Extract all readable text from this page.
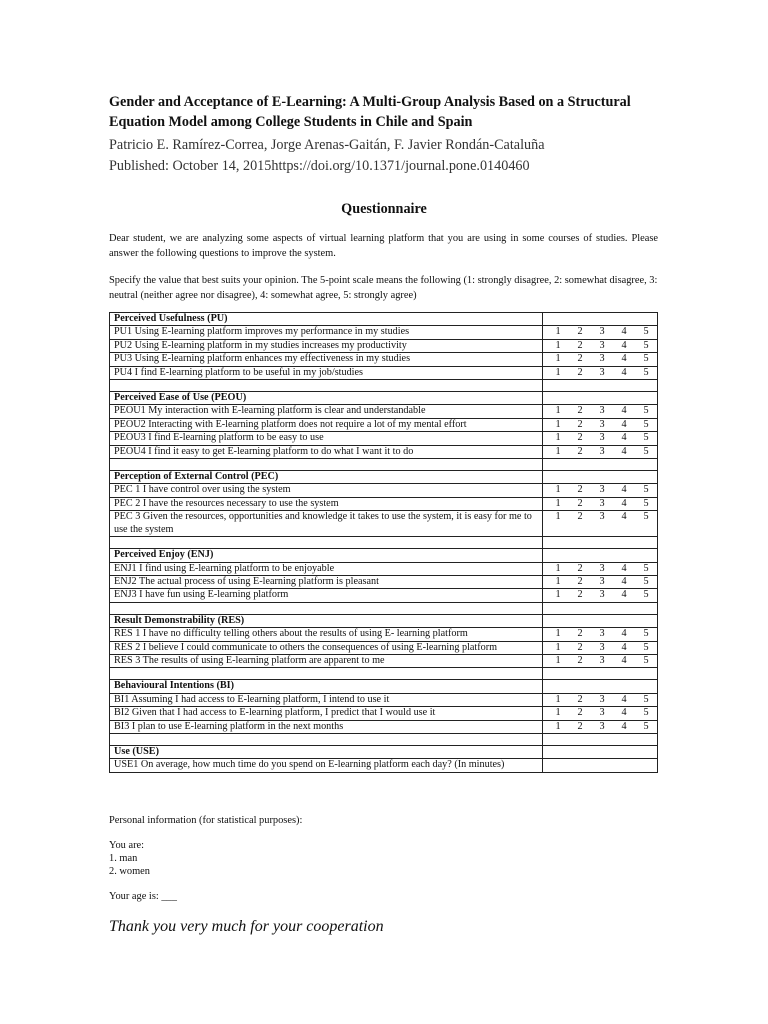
Gender and Acceptance of E-Learning: A Multi-Group Analysis Based on a Structural Equation Model among College Students in Chile and Spain
Patricio E. Ramírez-Correa, Jorge Arenas-Gaitán, F. Javier Rondán-Cataluña
Published: October 14, 2015https://doi.org/10.1371/journal.pone.0140460
Questionnaire
Dear student, we are analyzing some aspects of virtual learning platform that you are using in some courses of studies. Please answer the following questions to improve the system.
Specify the value that best suits your opinion. The 5-point scale means the following (1: strongly disagree, 2: somewhat disagree, 3: neutral (neither agree nor disagree), 4: somewhat agree, 5: strongly agree)
Perceived Usefulness (PU)	
PU1 Using E-learning platform improves my performance in my studies	1 2 3 4 5

PU2 Using E-learning platform in my studies increases my productivity	1 2 3 4 5

PU3 Using E-learning platform enhances my effectiveness in my studies	1 2 3 4 5

PU4 I find E-learning platform to be useful in my job/studies	1 2 3 4 5

Perceived Ease of Use (PEOU)	
PEOU1 My interaction with E-learning platform is clear and understandable	1 2 3 4 5

PEOU2 Interacting with E-learning platform does not require a lot of my mental effort	1 2 3 4 5

PEOU3 I find E-learning platform to be easy to use	1 2 3 4 5

PEOU4 I find it easy to get E-learning platform to do what I want it to do	1 2 3 4 5

Perception of External Control (PEC)	
PEC 1 I have control over using the system	1 2 3 4 5

PEC 2 I have the resources necessary to use the system	1 2 3 4 5

PEC 3 Given the resources, opportunities and knowledge it takes to use the system, it is easy for me to use the system	1 2 3 4 5

Perceived Enjoy (ENJ)	
ENJ1 I find using E-learning platform to be enjoyable	1 2 3 4 5

ENJ2 The actual process of using E-learning platform is pleasant	1 2 3 4 5

ENJ3 I have fun using E-learning platform	1 2 3 4 5

Result Demonstrability (RES)	
RES 1 I have no difficulty telling others about the results of using E- learning platform	1 2 3 4 5

RES 2 I believe I could communicate to others the consequences of using E-learning platform	1 2 3 4 5

RES 3 The results of using E-learning platform are apparent to me	1 2 3 4 5

Behavioural Intentions (BI)	
BI1 Assuming I had access to E-learning platform, I intend to use it	1 2 3 4 5

BI2 Given that I had access to E-learning platform, I predict that I would use it	1 2 3 4 5

BI3 I plan to use E-learning platform in the next months	1 2 3 4 5

Use (USE)	
USE1 On average, how much time do you spend on E-learning platform each day? (In minutes)	
Personal information (for statistical purposes):
You are:
1. man
2. women
Your age is: ___
Thank you very much for your cooperation
